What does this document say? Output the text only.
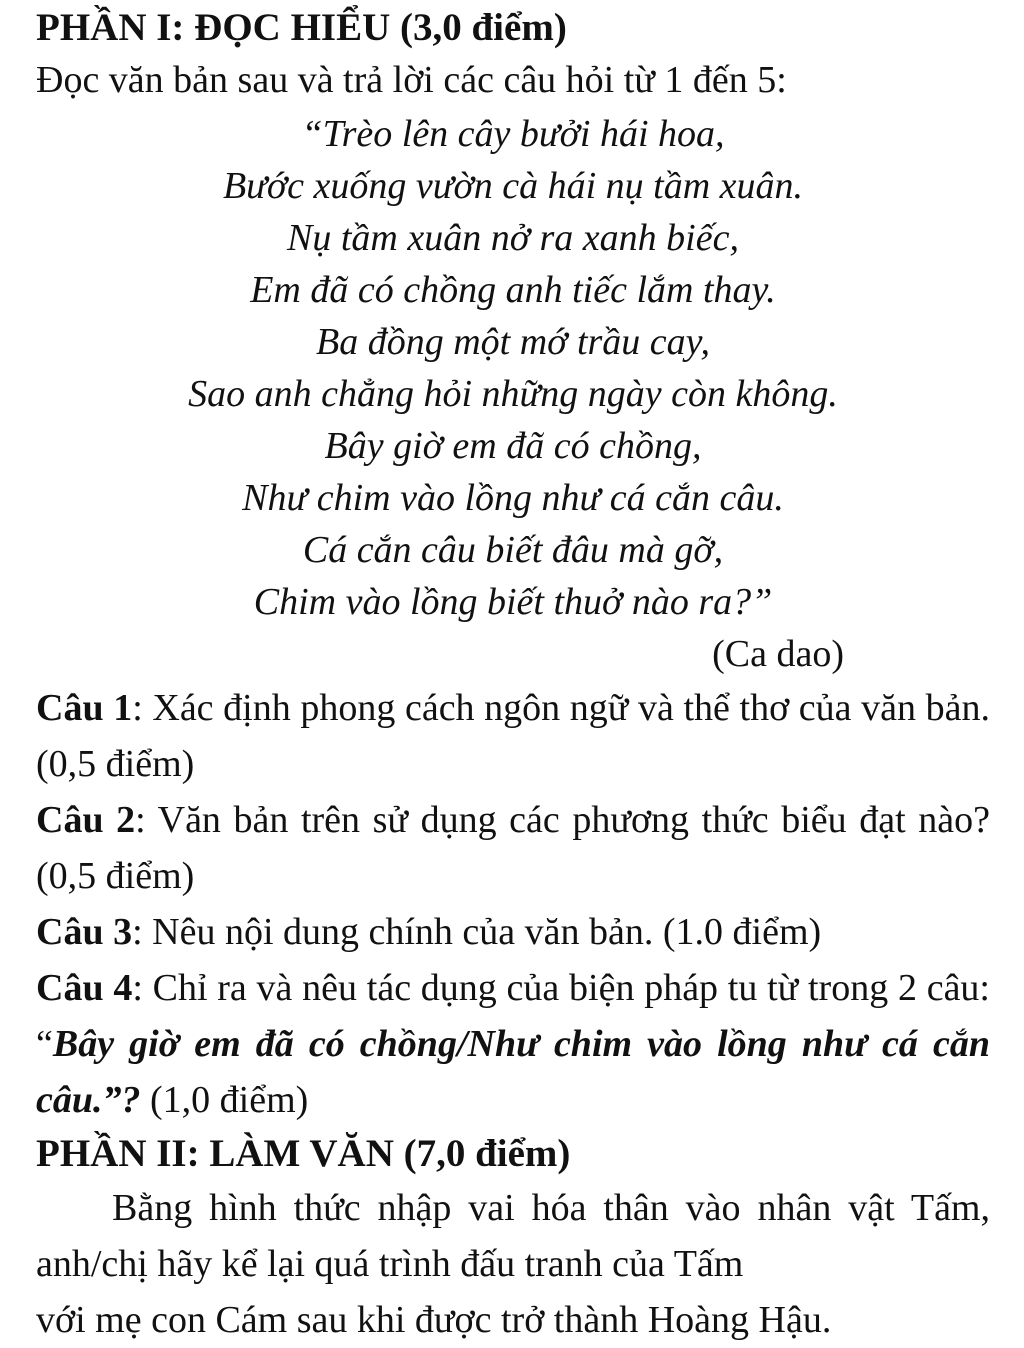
PHẦN I: ĐỌC HIỂU (3,0 điểm)

Đọc văn bản sau và trả lời các câu hỏi từ 1 đến 5:

“Trèo lên cây bưởi hái hoa,

Bước xuống vườn cà hái nụ tầm xuân.

Nụ tầm xuân nở ra xanh biếc,

Em đã có chồng anh tiếc lắm thay.

Ba đồng một mớ trầu cay,

Sao anh chẳng hỏi những ngày còn không.

Bây giờ em đã có chồng,

Như chim vào lồng như cá cắn câu.

Cá cắn câu biết đâu mà gỡ,

Chim vào lồng biết thuở nào ra?”

(Ca dao)

Câu 1: Xác định phong cách ngôn ngữ và thể thơ của văn bản. (0,5 điểm)

Câu 2: Văn bản trên sử dụng các phương thức biểu đạt nào? (0,5 điểm)

Câu 3: Nêu nội dung chính của văn bản. (1.0 điểm)

Câu 4: Chỉ ra và nêu tác dụng của biện pháp tu từ trong 2 câu: “Bây giờ em đã có chồng/Như chim vào lồng như cá cắn câu.”? (1,0 điểm)

PHẦN II: LÀM VĂN (7,0 điểm)

Bằng hình thức nhập vai hóa thân vào nhân vật Tấm, anh/chị hãy kể lại quá trình đấu tranh của Tấm

với mẹ con Cám sau khi được trở thành Hoàng Hậu.
